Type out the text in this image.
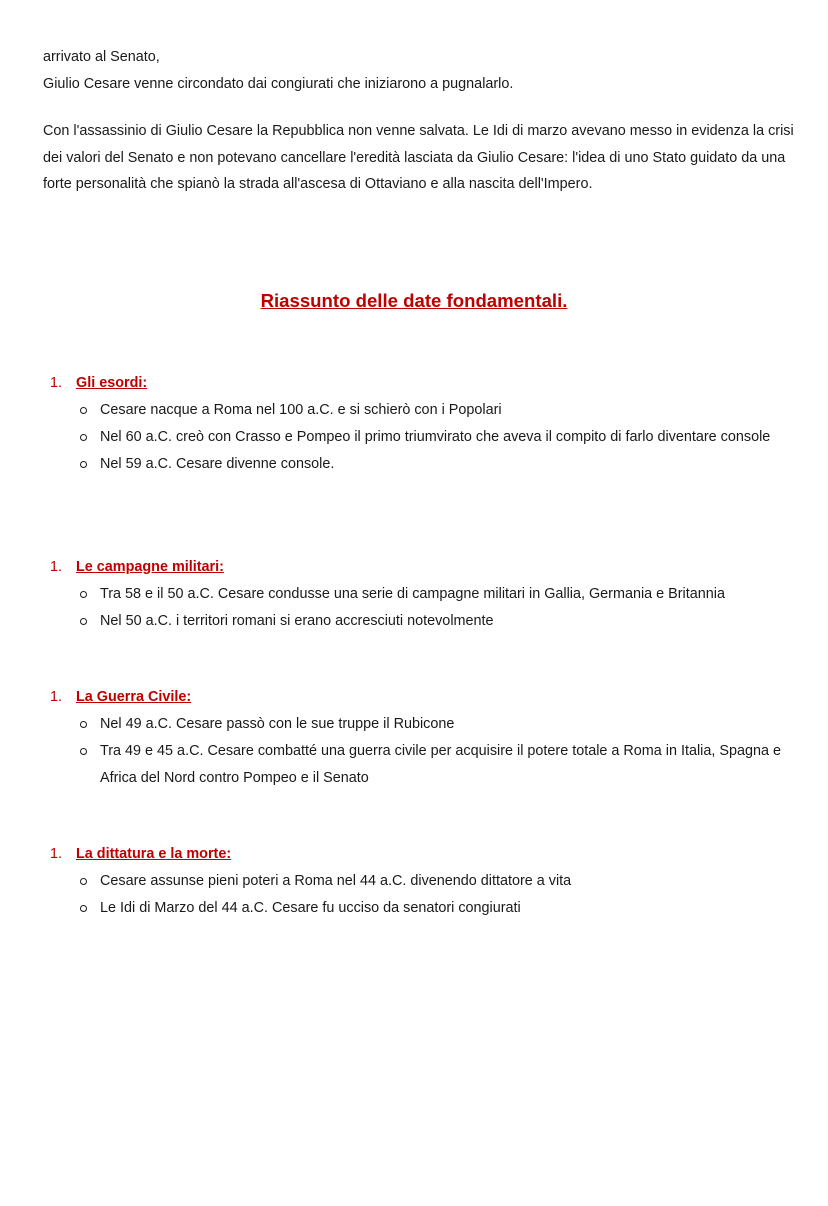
arrivato al Senato,

Giulio Cesare venne circondato dai congiurati che iniziarono a pugnalarlo.

Con l'assassinio di Giulio Cesare la Repubblica non venne salvata. Le Idi di marzo avevano messo in evidenza la crisi dei valori del Senato e non potevano cancellare l'eredità lasciata da Giulio Cesare: l'idea di uno Stato guidato da una forte personalità che spianò la strada all'ascesa di Ottaviano e alla nascita dell'Impero.

Riassunto delle date fondamentali.
1. Gli esordi:
Cesare nacque a Roma nel 100 a.C. e si schierò con i Popolari
Nel 60 a.C. creò con Crasso e Pompeo il primo triumvirato che aveva il compito di farlo diventare console
Nel 59 a.C. Cesare divenne console.
1. Le campagne militari:
Tra 58 e il 50 a.C. Cesare condusse una serie di campagne militari in Gallia, Germania e Britannia
Nel 50 a.C. i territori romani si erano accresciuti notevolmente
1. La Guerra Civile:
Nel 49 a.C. Cesare passò con le sue truppe il Rubicone
Tra 49 e 45 a.C. Cesare combatté una guerra civile per acquisire il potere totale a Roma in Italia, Spagna e Africa del Nord contro Pompeo e il Senato
1. La dittatura e la morte:
Cesare assunse pieni poteri a Roma nel 44 a.C. divenendo dittatore a vita
Le Idi di Marzo del 44 a.C. Cesare fu ucciso da senatori congiurati
